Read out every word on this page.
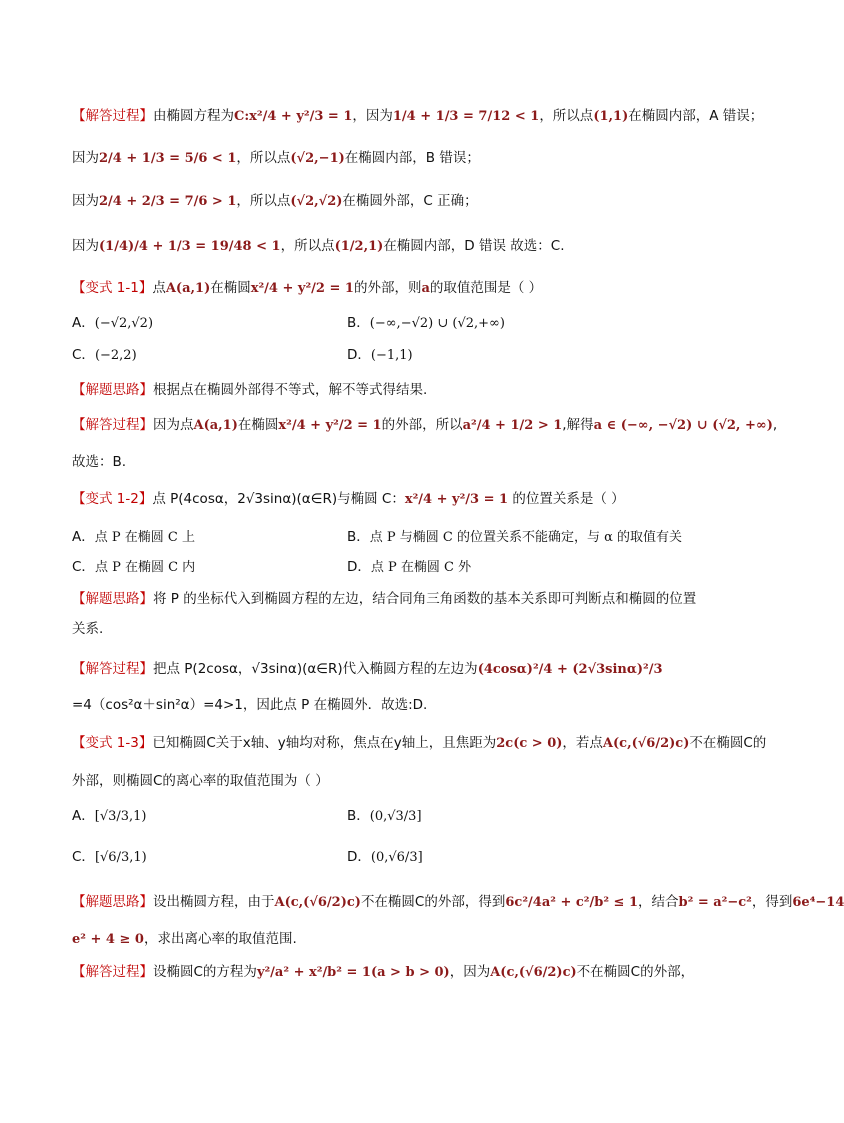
【解答过程】由椭圆方程为C:x²/4 + y²/3 = 1，因为1/4 + 1/3 = 7/12 < 1，所以点(1,1)在椭圆内部，A 错误；
因为2/4 + 1/3 = 5/6 < 1，所以点(√2,−1)在椭圆内部，B 错误；
因为2/4 + 2/3 = 7/6 > 1，所以点(√2,√2)在椭圆外部，C 正确；
因为(1/4)/4 + 1/3 = 19/48 < 1，所以点(1/2,1)在椭圆内部，D 错误 故选：C.
【变式 1-1】点A(a,1)在椭圆x²/4 + y²/2 = 1的外部，则a的取值范围是（ ）
A．(−√2,√2)	B．(−∞,−√2) ∪ (√2,+∞)
C．(−2,2)	D．(−1,1)
【解题思路】根据点在椭圆外部得不等式，解不等式得结果.
【解答过程】因为点A(a,1)在椭圆x²/4 + y²/2 = 1的外部，所以a²/4 + 1/2 > 1,解得a ∈ (−∞, −√2) ∪ (√2, +∞),
故选：B.
【变式 1-2】点 P(4cosα，2√3sinα)(α∈R)与椭圆 C：x²/4 + y²/3 = 1 的位置关系是（ ）
A．点 P 在椭圆 C 上	B．点 P 与椭圆 C 的位置关系不能确定，与 α 的取值有关
C．点 P 在椭圆 C 内	D．点 P 在椭圆 C 外
【解题思路】将 P 的坐标代入到椭圆方程的左边，结合同角三角函数的基本关系即可判断点和椭圆的位置
关系.
【解答过程】把点 P(2cosα，√3sinα)(α∈R)代入椭圆方程的左边为(4cosα)²/4 + (2√3sinα)²/3
=4（cos²α＋sin²α）=4>1，因此点 P 在椭圆外．故选:D.
【变式 1-3】已知椭圆C关于x轴、y轴均对称，焦点在y轴上，且焦距为2c(c > 0)，若点A(c,(√6/2)c)不在椭圆C的
外部，则椭圆C的离心率的取值范围为（ ）
A．[√3/3,1)	B．(0,√3/3]
C．[√6/3,1)	D．(0,√6/3]
【解题思路】设出椭圆方程，由于A(c,(√6/2)c)不在椭圆C的外部，得到6c²/4a² + c²/b² ≤ 1，结合b² = a²−c²，得到6e⁴−14
e² + 4 ≥ 0，求出离心率的取值范围.
【解答过程】设椭圆C的方程为y²/a² + x²/b² = 1(a > b > 0)，因为A(c,(√6/2)c)不在椭圆C的外部，
